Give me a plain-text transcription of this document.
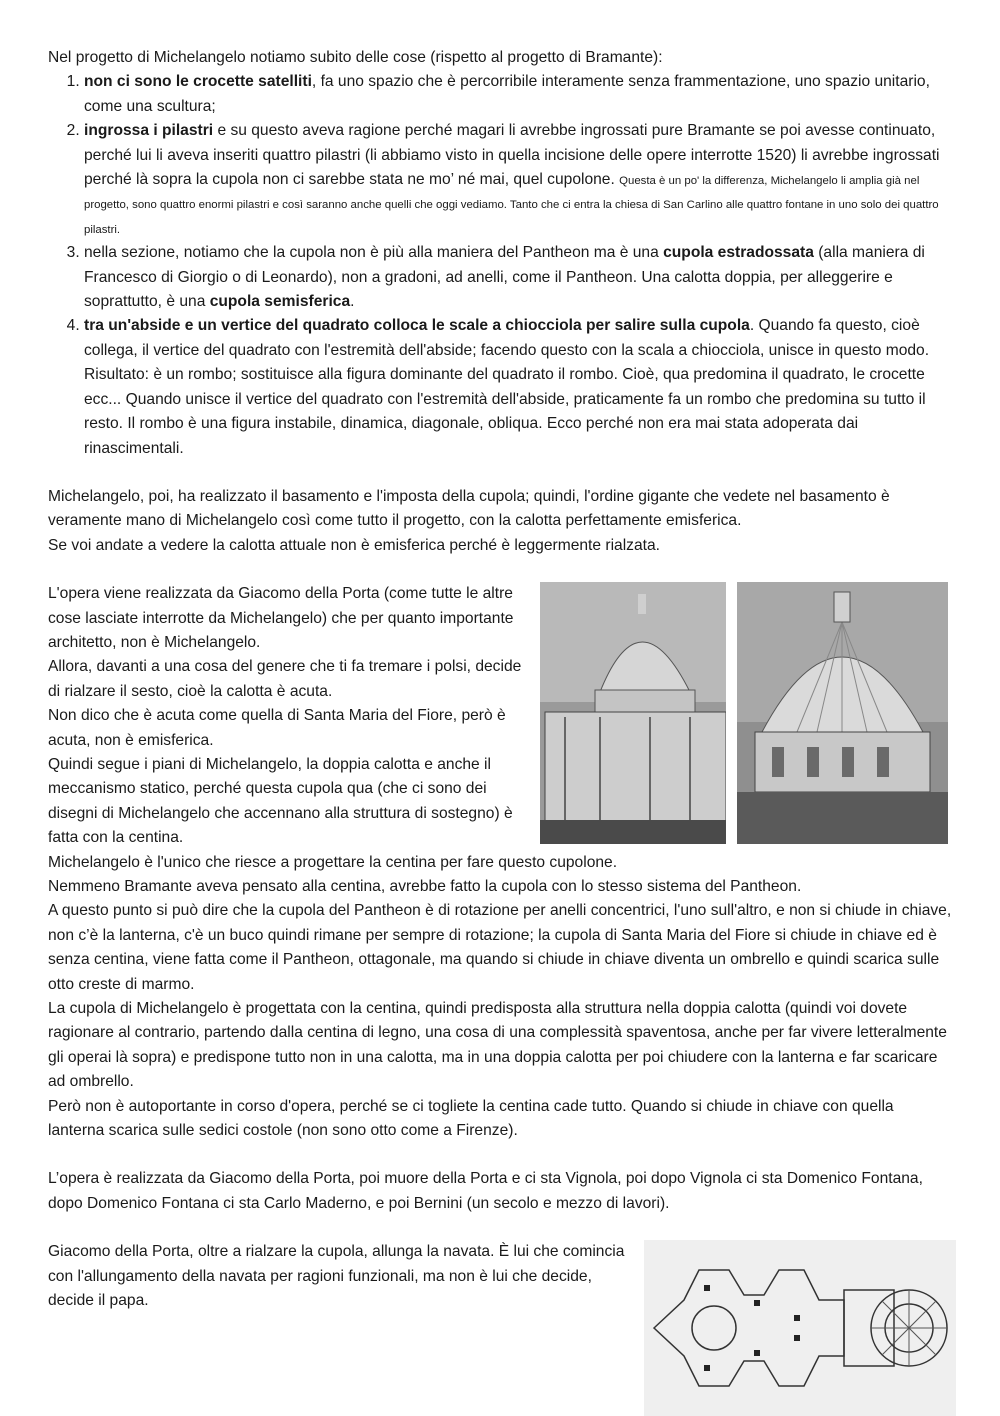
Nel progetto di Michelangelo notiamo subito delle cose (rispetto al progetto di Bramante):

1. non ci sono le crocette satelliti, fa uno spazio che è percorribile interamente senza frammentazione, uno spazio unitario, come una scultura;
2. ingrossa i pilastri e su questo aveva ragione perché magari li avrebbe ingrossati pure Bramante se poi avesse continuato, perché lui li aveva inseriti quattro pilastri (li abbiamo visto in quella incisione delle opere interrotte 1520) li avrebbe ingrossati perché là sopra la cupola non ci sarebbe stata ne mo’ né mai, quel cupolone. Questa è un po' la differenza, Michelangelo li amplia già nel progetto, sono quattro enormi pilastri e così saranno anche quelli che oggi vediamo. Tanto che ci entra la chiesa di San Carlino alle quattro fontane in uno solo dei quattro pilastri.
3. nella sezione, notiamo che la cupola non è più alla maniera del Pantheon ma è una cupola estradossata (alla maniera di Francesco di Giorgio o di Leonardo), non a gradoni, ad anelli, come il Pantheon. Una calotta doppia, per alleggerire e soprattutto, è una cupola semisferica.
4. tra un'abside e un vertice del quadrato colloca le scale a chiocciola per salire sulla cupola. Quando fa questo, cioè collega, il vertice del quadrato con l'estremità dell'abside; facendo questo con la scala a chiocciola, unisce in questo modo. Risultato: è un rombo; sostituisce alla figura dominante del quadrato il rombo. Cioè, qua predomina il quadrato, le crocette ecc... Quando unisce il vertice del quadrato con l'estremità dell'abside, praticamente fa un rombo che predomina su tutto il resto. Il rombo è una figura instabile, dinamica, diagonale, obliqua. Ecco perché non era mai stata adoperata dai rinascimentali.

Michelangelo, poi, ha realizzato il basamento e l'imposta della cupola; quindi, l'ordine gigante che vedete nel basamento è veramente mano di Michelangelo così come tutto il progetto, con la calotta perfettamente emisferica.

Se voi andate a vedere la calotta attuale non è emisferica perché è leggermente rialzata.

L'opera viene realizzata da Giacomo della Porta (come tutte le altre cose lasciate interrotte da Michelangelo) che per quanto importante architetto, non è Michelangelo.

Allora, davanti a una cosa del genere che ti fa tremare i polsi, decide di rialzare il sesto, cioè la calotta è acuta.

Non dico che è acuta come quella di Santa Maria del Fiore, però è acuta, non è emisferica.

Quindi segue i piani di Michelangelo, la doppia calotta e anche il meccanismo statico, perché questa cupola qua (che ci sono dei disegni di Michelangelo che accennano alla struttura di sostegno) è fatta con la centina.

Michelangelo è l'unico che riesce a progettare la centina per fare questo cupolone.

Nemmeno Bramante aveva pensato alla centina, avrebbe fatto la cupola con lo stesso sistema del Pantheon.

A questo punto si può dire che la cupola del Pantheon è di rotazione per anelli concentrici, l'uno sull'altro, e non si chiude in chiave, non c’è la lanterna, c'è un buco quindi rimane per sempre di rotazione; la cupola di Santa Maria del Fiore si chiude in chiave ed è senza centina, viene fatta come il Pantheon, ottagonale, ma quando si chiude in chiave diventa un ombrello e quindi scarica sulle otto creste di marmo.

La cupola di Michelangelo è progettata con la centina, quindi predisposta alla struttura nella doppia calotta (quindi voi dovete ragionare al contrario, partendo dalla centina di legno, una cosa di una complessità spaventosa, anche per far vivere letteralmente gli operai là sopra) e predispone tutto non in una calotta, ma in una doppia calotta per poi chiudere con la lanterna e far scaricare ad ombrello.

Però non è autoportante in corso d'opera, perché se ci togliete la centina cade tutto. Quando si chiude in chiave con quella lanterna scarica sulle sedici costole (non sono otto come a Firenze).

L’opera è realizzata da Giacomo della Porta, poi muore della Porta e ci sta Vignola, poi dopo Vignola ci sta Domenico Fontana, dopo Domenico Fontana ci sta Carlo Maderno, e poi Bernini (un secolo e mezzo di lavori).

Giacomo della Porta, oltre a rialzare la cupola, allunga la navata. È lui che comincia con l'allungamento della navata per ragioni funzionali, ma non è lui che decide, decide il papa.
